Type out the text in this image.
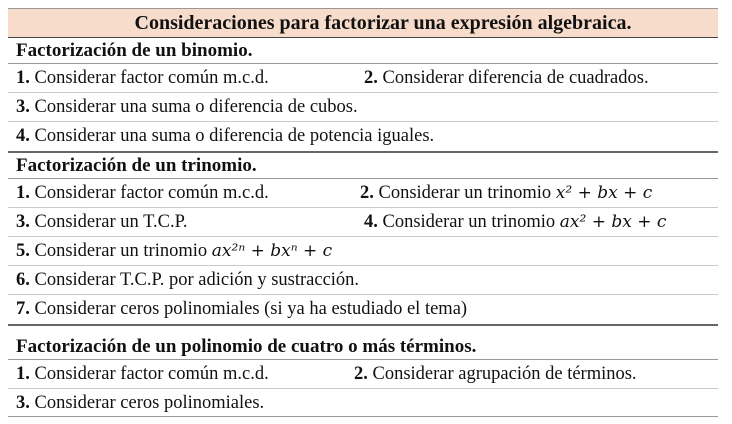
Consideraciones para factorizar una expresión algebraica.
Factorización de un binomio.
1. Considerar factor común m.c.d.	2. Considerar diferencia de cuadrados.
3. Considerar una suma o diferencia de cubos.
4. Considerar una suma o diferencia de potencia iguales.
Factorización de un trinomio.
1. Considerar factor común m.c.d.	2. Considerar un trinomio x² + bx + c
3. Considerar un T.C.P.	4. Considerar un trinomio ax² + bx + c
5. Considerar un trinomio ax²ⁿ + bxⁿ + c
6. Considerar T.C.P. por adición y sustracción.
7. Considerar ceros polinomiales (si ya ha estudiado el tema)
Factorización de un polinomio de cuatro o más términos.
1. Considerar factor común m.c.d.	2. Considerar agrupación de términos.
3. Considerar ceros polinomiales.
